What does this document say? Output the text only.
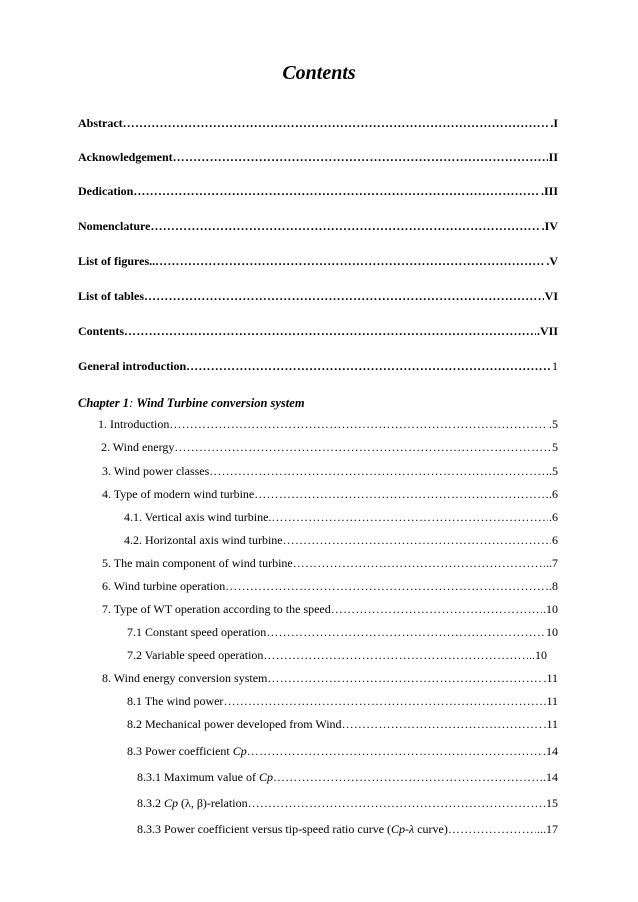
Contents
Abstract ……………………………………………………………………………………………………………………………………………………………………………	.I
Acknowledgement ……………………………………………………………………………………………………………………………………………………………………………	II
Dedication ……………………………………………………………………………………………………………………………………………………………………………	.III
Nomenclature ……………………………………………………………………………………………………………………………………………………………………………	.IV
List of figures.. ……………………………………………………………………………………………………………………………………………………………………………	.V
List of tables ……………………………………………………………………………………………………………………………………………………………………………	VI
Contents ……………………………………………………………………………………………………………………………………………………………………………	.VII
General introduction ……………………………………………………………………………………………………………………………………………………………………………	1
Chapter 1: Wind Turbine conversion system
1. Introduction ……………………………………………………………………………………………………………………………………………………………………………	.5
2. Wind energy ……………………………………………………………………………………………………………………………………………………………………………	5
3. Wind power classes ……………………………………………………………………………………………………………………………………………………………………………	.5
4. Type of modern wind turbine ……………………………………………………………………………………………………………………………………………………………………………	.6
4.1. Vertical axis wind turbine. ……………………………………………………………………………………………………………………………………………………………………………	.6
4.2. Horizontal axis wind turbine ……………………………………………………………………………………………………………………………………………………………………………	6
5. The main component of wind turbine ……………………………………………………………………………………………………………………………………………………………………………	..7
6. Wind turbine operation ……………………………………………………………………………………………………………………………………………………………………………	.8
7. Type of WT operation according to the speed ……………………………………………………………………………………………………………………………………………………………………………	.10
7.1 Constant speed operation ……………………………………………………………………………………………………………………………………………………………………………	10
7.2 Variable speed operation ……………………………………………………………………………………………………………………………………………………………………………	..10
8. Wind energy conversion system ……………………………………………………………………………………………………………………………………………………………………………	.11
8.1 The wind power ……………………………………………………………………………………………………………………………………………………………………………	.11
8.2 Mechanical power developed from Wind ……………………………………………………………………………………………………………………………………………………………………………	.11
8.3 Power coefficient Cp ……………………………………………………………………………………………………………………………………………………………………………	.14
8.3.1 Maximum value of Cp ……………………………………………………………………………………………………………………………………………………………………………	.14
8.3.2 Cp (λ, β)-relation ……………………………………………………………………………………………………………………………………………………………………………	.15
8.3.3 Power coefficient versus tip-speed ratio curve (Cp-λ curve) ……………………………………………………………………………………………………………………………………………………………………………	...17
